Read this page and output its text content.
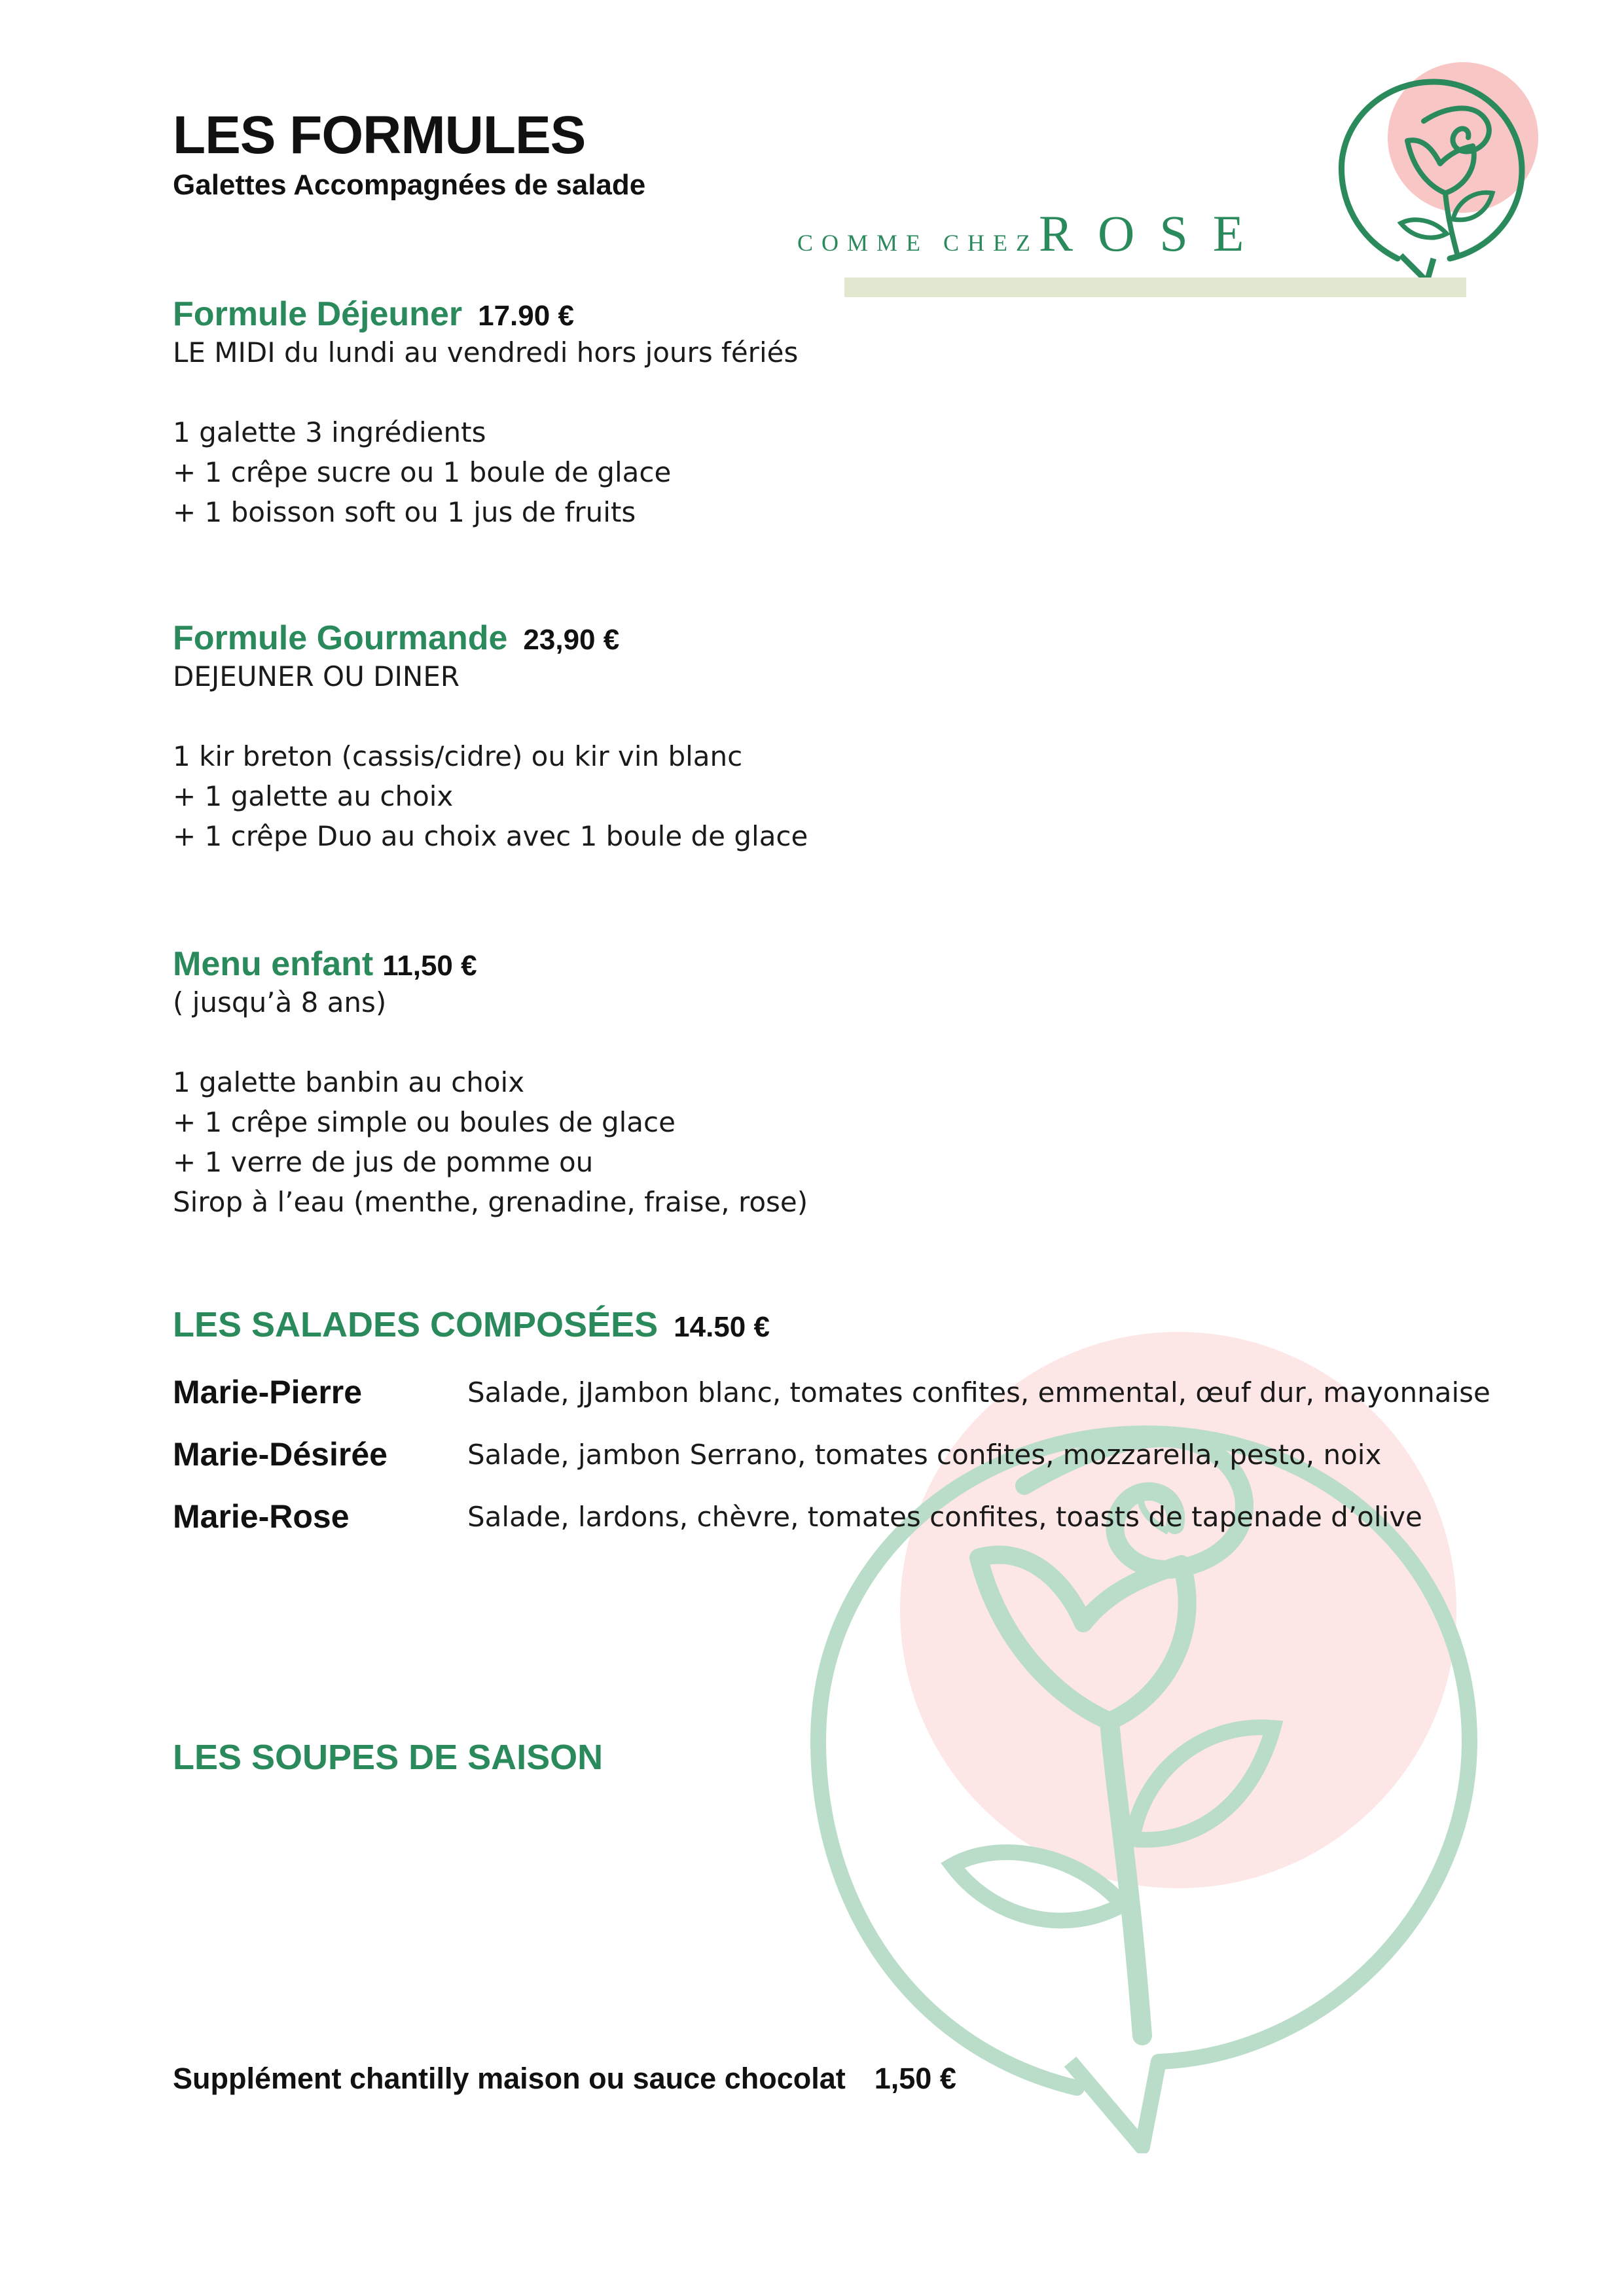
LES FORMULES
Galettes Accompagnées de salade
COMME CHEZROSE
Formule Déjeuner 17.90 €
LE MIDI du lundi au vendredi hors jours fériés
1 galette 3 ingrédients
+ 1 crêpe sucre ou 1 boule de glace
+ 1 boisson soft ou 1 jus de fruits
Formule Gourmande 23,90 €
DEJEUNER OU DINER
1 kir breton (cassis/cidre) ou kir vin blanc
+ 1 galette au choix
+ 1 crêpe Duo au choix avec 1 boule de glace
Menu enfant 11,50 €
( jusqu’à 8 ans)
1 galette banbin au choix
+ 1 crêpe simple ou boules de glace
+ 1 verre de jus de pomme ou
Sirop à l’eau (menthe, grenadine, fraise, rose)
LES SALADES COMPOSÉES 14.50 €
Marie-Pierre	Salade, jJambon blanc, tomates confites, emmental, œuf dur, mayonnaise
Marie-Désirée	Salade, jambon Serrano, tomates confites, mozzarella, pesto, noix
Marie-Rose	Salade, lardons, chèvre, tomates confites, toasts de tapenade d’olive
LES SOUPES DE SAISON
Supplément chantilly maison ou sauce chocolat 1,50 €
